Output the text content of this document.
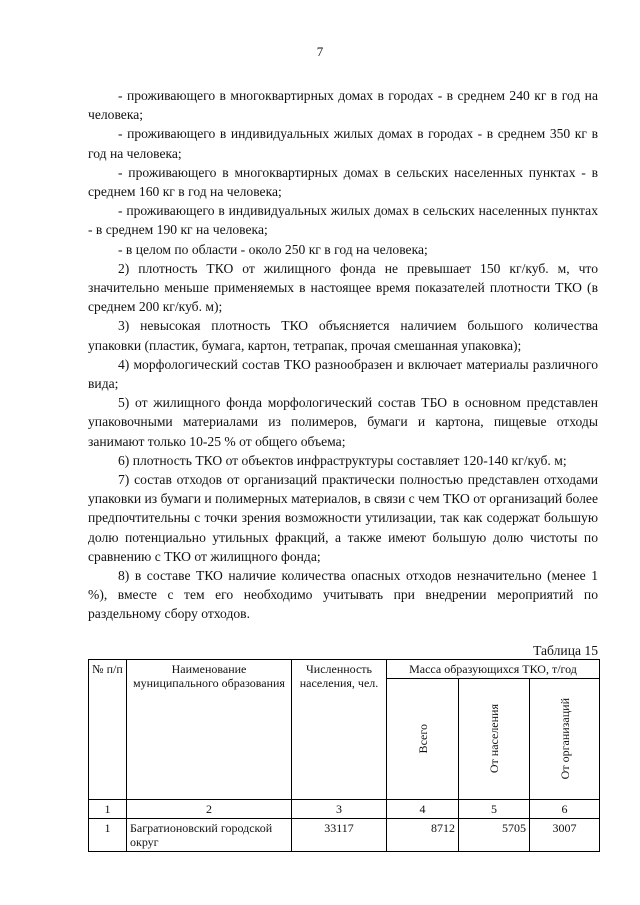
7

- проживающего в многоквартирных домах в городах - в среднем 240 кг в год на человека;

- проживающего в индивидуальных жилых домах в городах - в среднем 350 кг в год на человека;

- проживающего в многоквартирных домах в сельских населенных пунктах - в среднем 160 кг в год на человека;

- проживающего в индивидуальных жилых домах в сельских населенных пунктах - в среднем 190 кг на человека;

- в целом по области - около 250 кг в год на человека;

2) плотность ТКО от жилищного фонда не превышает 150 кг/куб. м, что значительно меньше применяемых в настоящее время показателей плотности ТКО (в среднем 200 кг/куб. м);

3) невысокая плотность ТКО объясняется наличием большого количества упаковки (пластик, бумага, картон, тетрапак, прочая смешанная упаковка);

4) морфологический состав ТКО разнообразен и включает материалы различного вида;

5) от жилищного фонда морфологический состав ТБО в основном представлен упаковочными материалами из полимеров, бумаги и картона, пищевые отходы занимают только 10-25 % от общего объема;

6) плотность ТКО от объектов инфраструктуры составляет 120-140 кг/куб. м;

7) состав отходов от организаций практически полностью представлен отходами упаковки из бумаги и полимерных материалов, в связи с чем ТКО от организаций более предпочтительны с точки зрения возможности утилизации, так как содержат большую долю потенциально утильных фракций, а также имеют большую долю чистоты по сравнению с ТКО от жилищного фонда;

8) в составе ТКО наличие количества опасных отходов незначительно (менее 1 %), вместе с тем его необходимо учитывать при внедрении мероприятий по раздельному сбору отходов.

Таблица 15
№ п/п	Наименование муниципального образования	Численность населения, чел.	Масса образующихся ТКО, т/год		

			Всего	От населения	От организаций

1	2	3	4	5	6
1	Багратионовский городской округ	33117	8712	5705	3007
